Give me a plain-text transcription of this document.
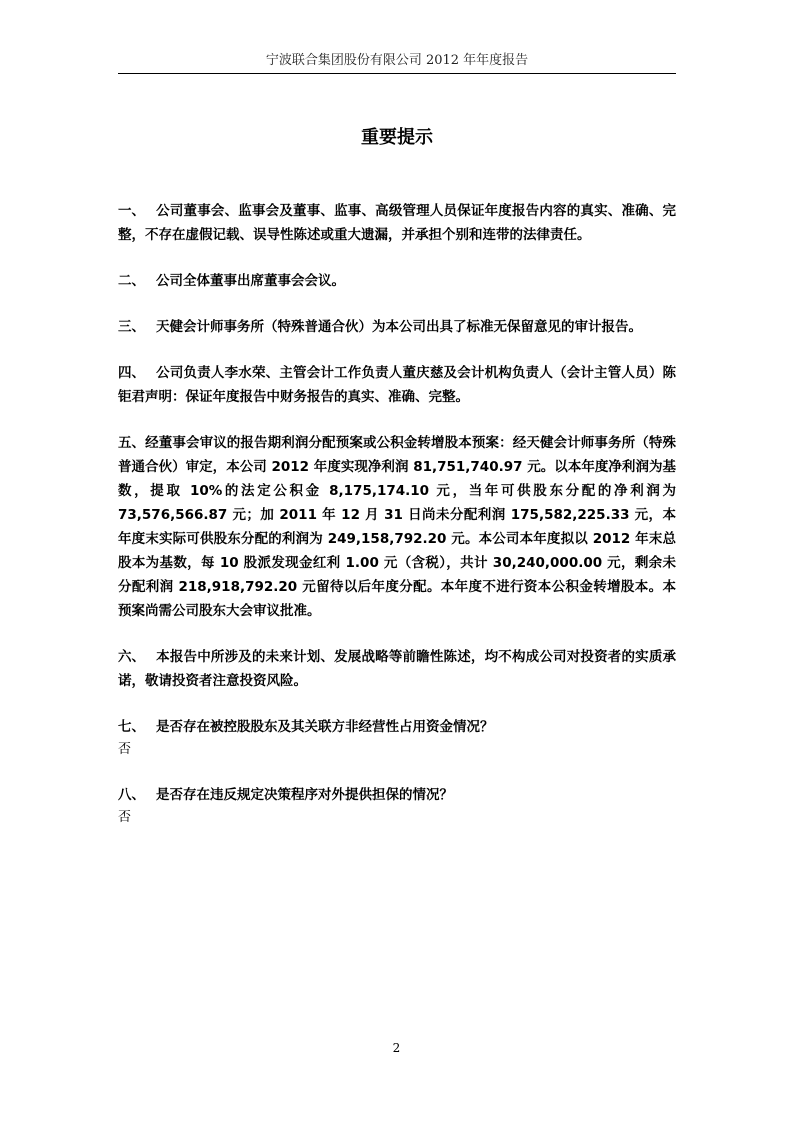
宁波联合集团股份有限公司 2012 年年度报告
重要提示
一、 公司董事会、监事会及董事、监事、高级管理人员保证年度报告内容的真实、准确、完整，不存在虚假记载、误导性陈述或重大遗漏，并承担个别和连带的法律责任。
二、 公司全体董事出席董事会会议。
三、 天健会计师事务所（特殊普通合伙）为本公司出具了标准无保留意见的审计报告。
四、 公司负责人李水荣、主管会计工作负责人董庆慈及会计机构负责人（会计主管人员）陈钜君声明：保证年度报告中财务报告的真实、准确、完整。
五、经董事会审议的报告期利润分配预案或公积金转增股本预案：经天健会计师事务所（特殊普通合伙）审定，本公司 2012 年度实现净利润 81,751,740.97 元。以本年度净利润为基数，提取 10%的法定公积金 8,175,174.10 元，当年可供股东分配的净利润为 73,576,566.87 元；加 2011 年 12 月 31 日尚未分配利润 175,582,225.33 元，本年度末实际可供股东分配的利润为 249,158,792.20 元。本公司本年度拟以 2012 年末总股本为基数，每 10 股派发现金红利 1.00 元（含税），共计 30,240,000.00 元，剩余未分配利润 218,918,792.20 元留待以后年度分配。本年度不进行资本公积金转增股本。本预案尚需公司股东大会审议批准。
六、 本报告中所涉及的未来计划、发展战略等前瞻性陈述，均不构成公司对投资者的实质承诺，敬请投资者注意投资风险。
七、 是否存在被控股股东及其关联方非经营性占用资金情况？
否
八、 是否存在违反规定决策程序对外提供担保的情况？
否
2
